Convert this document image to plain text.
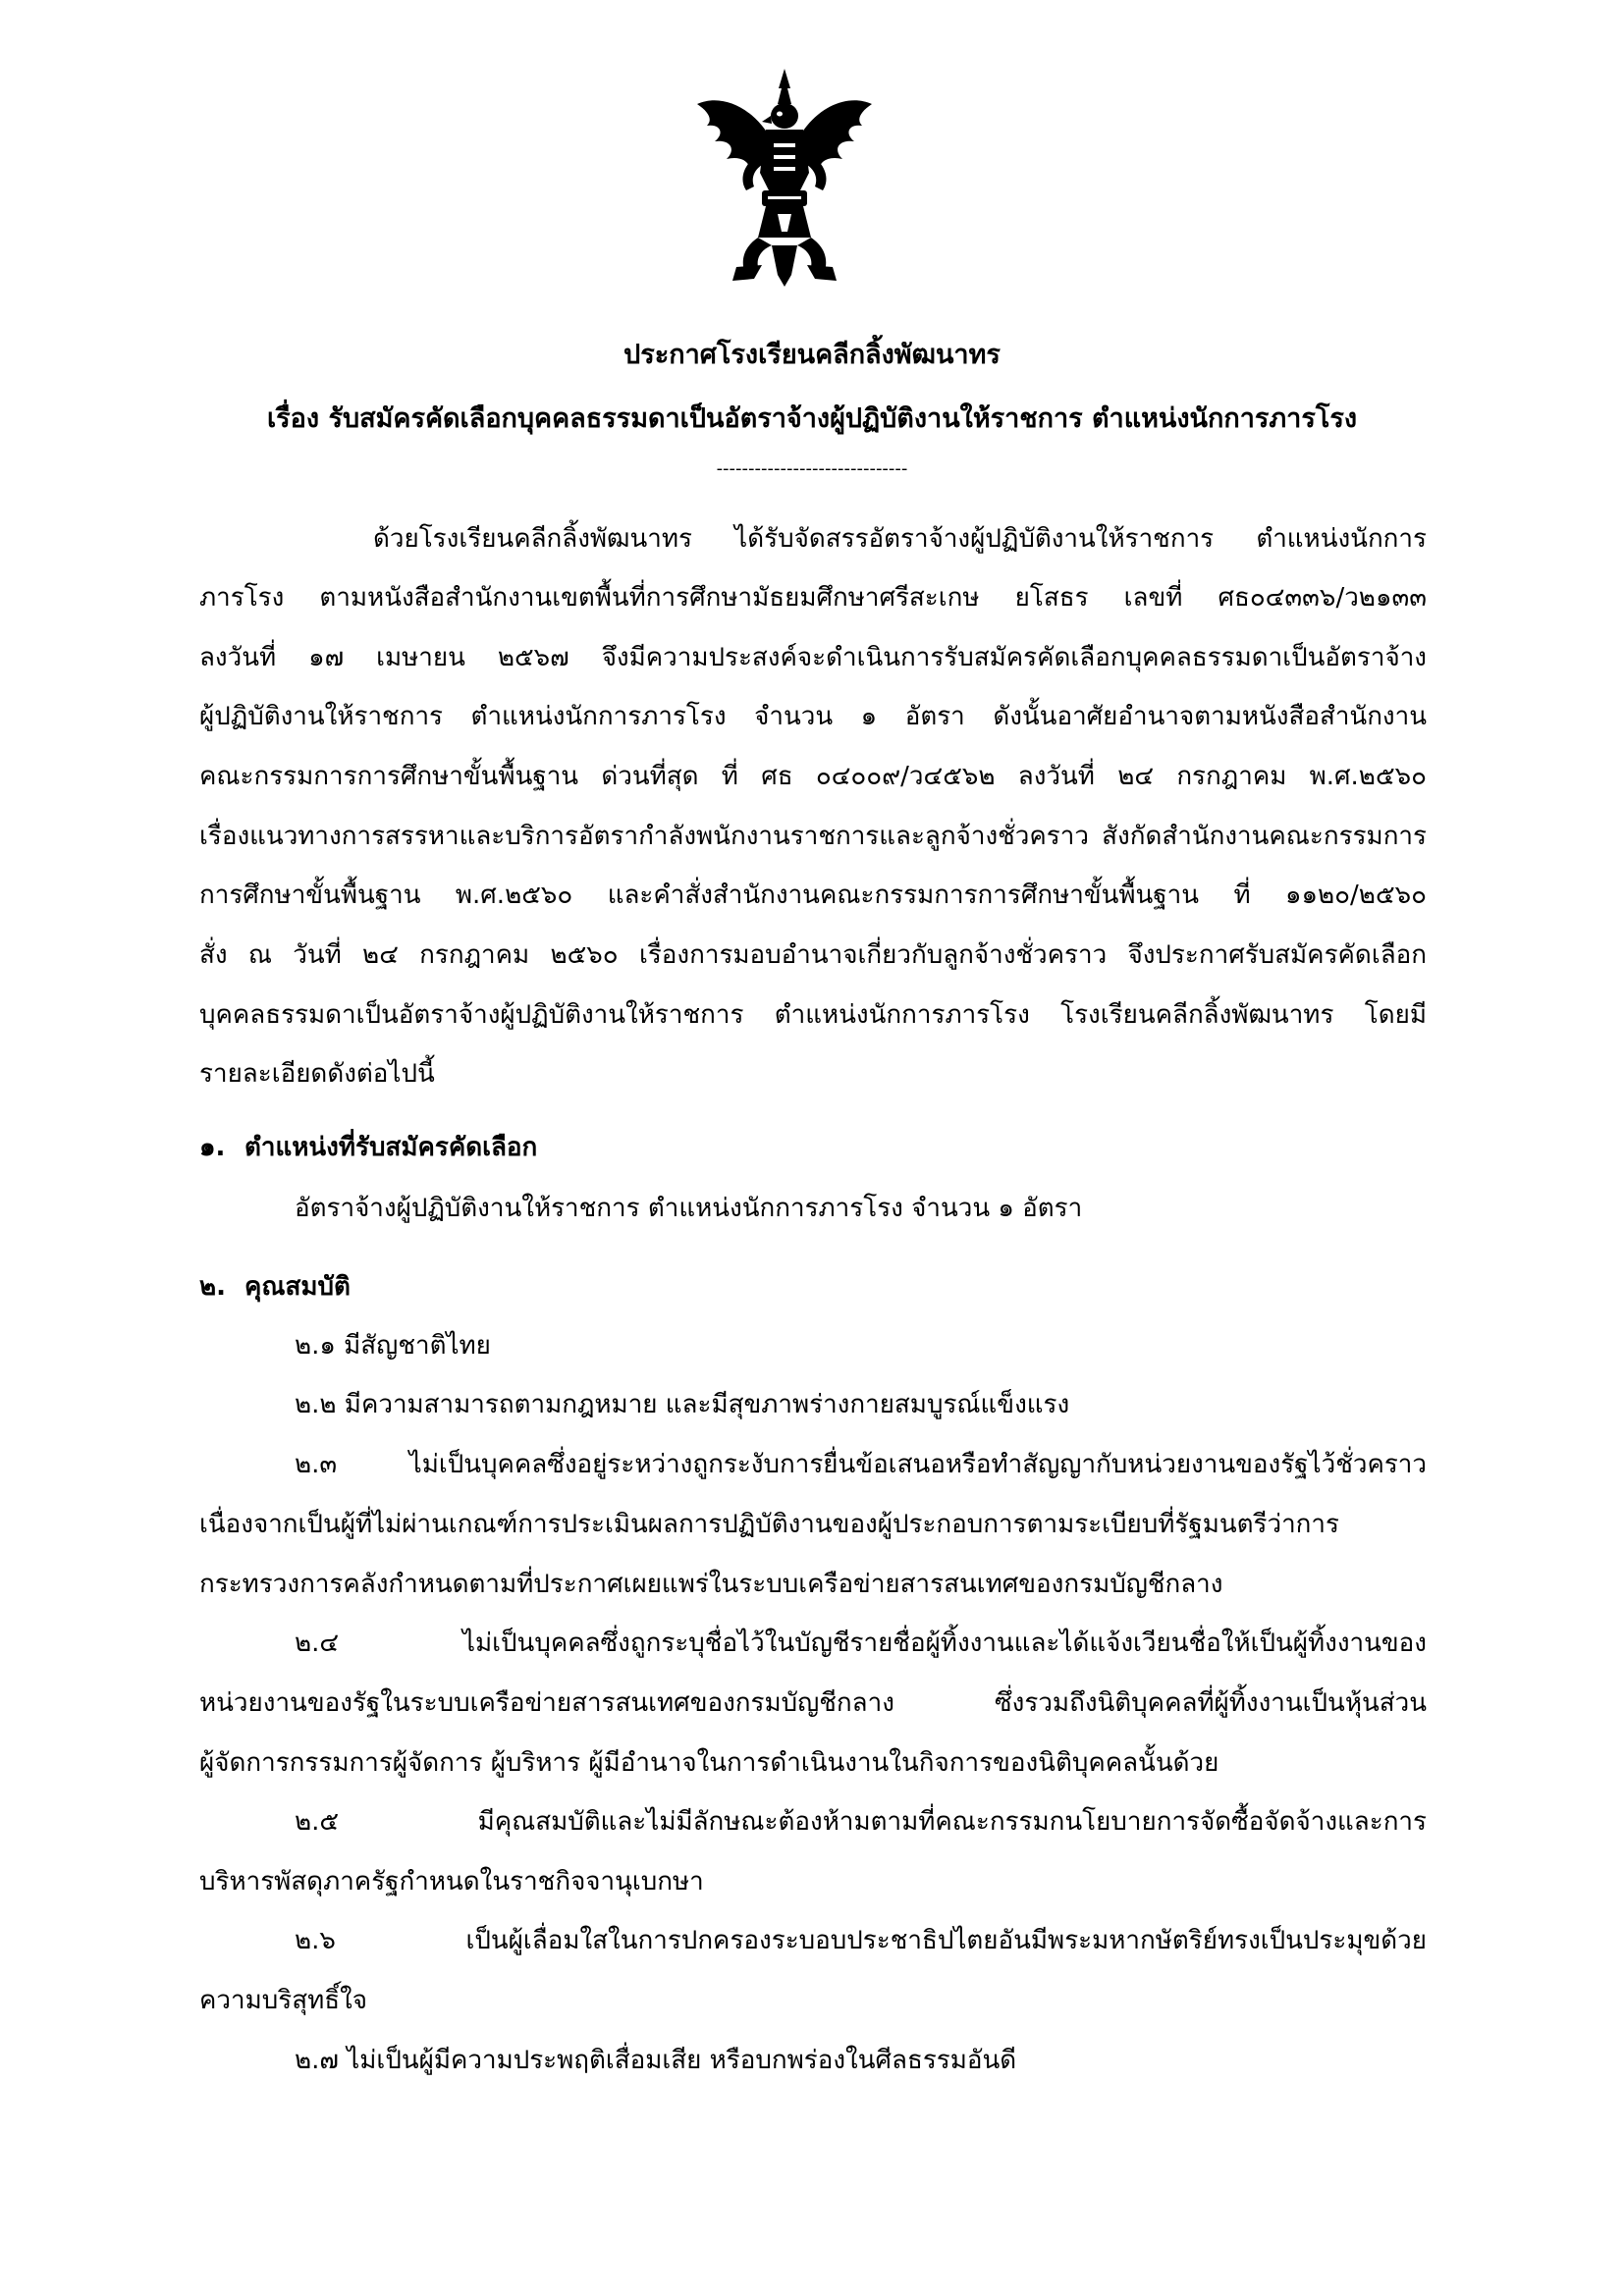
ประกาศโรงเรียนคลีกลิ้งพัฒนาทร
เรื่อง รับสมัครคัดเลือกบุคคลธรรมดาเป็นอัตราจ้างผู้ปฏิบัติงานให้ราชการ ตำแหน่งนักการภารโรง
------------------------------
ด้วยโรงเรียนคลีกลิ้งพัฒนาทร ได้รับจัดสรรอัตราจ้างผู้ปฏิบัติงานให้ราชการ ตำแหน่งนักการ
ภารโรง ตามหนังสือสำนักงานเขตพื้นที่การศึกษามัธยมศึกษาศรีสะเกษ ยโสธร เลขที่ ศธ๐๔๓๓๖/ว๒๑๓๓
ลงวันที่ ๑๗ เมษายน ๒๕๖๗ จึงมีความประสงค์จะดำเนินการรับสมัครคัดเลือกบุคคลธรรมดาเป็นอัตราจ้าง
ผู้ปฏิบัติงานให้ราชการ ตำแหน่งนักการภารโรง จำนวน ๑ อัตรา ดังนั้นอาศัยอำนาจตามหนังสือสำนักงาน
คณะกรรมการการศึกษาขั้นพื้นฐาน ด่วนที่สุด ที่ ศธ ๐๔๐๐๙/ว๔๕๖๒ ลงวันที่ ๒๔ กรกฎาคม พ.ศ.๒๕๖๐
เรื่องแนวทางการสรรหาและบริการอัตรากำลังพนักงานราชการและลูกจ้างชั่วคราว สังกัดสำนักงานคณะกรรมการ
การศึกษาขั้นพื้นฐาน พ.ศ.๒๕๖๐ และคำสั่งสำนักงานคณะกรรมการการศึกษาขั้นพื้นฐาน ที่ ๑๑๒๐/๒๕๖๐
สั่ง ณ วันที่ ๒๔ กรกฎาคม ๒๕๖๐ เรื่องการมอบอำนาจเกี่ยวกับลูกจ้างชั่วคราว จึงประกาศรับสมัครคัดเลือก
บุคคลธรรมดาเป็นอัตราจ้างผู้ปฏิบัติงานให้ราชการ ตำแหน่งนักการภารโรง โรงเรียนคลีกลิ้งพัฒนาทร โดยมี
รายละเอียดดังต่อไปนี้
๑. ตำแหน่งที่รับสมัครคัดเลือก
อัตราจ้างผู้ปฏิบัติงานให้ราชการ ตำแหน่งนักการภารโรง จำนวน ๑ อัตรา
๒. คุณสมบัติ
๒.๑ มีสัญชาติไทย
๒.๒ มีความสามารถตามกฎหมาย และมีสุขภาพร่างกายสมบูรณ์แข็งแรง
๒.๓ ไม่เป็นบุคคลซึ่งอยู่ระหว่างถูกระงับการยื่นข้อเสนอหรือทำสัญญากับหน่วยงานของรัฐไว้ชั่วคราว
เนื่องจากเป็นผู้ที่ไม่ผ่านเกณฑ์การประเมินผลการปฏิบัติงานของผู้ประกอบการตามระเบียบที่รัฐมนตรีว่าการ
กระทรวงการคลังกำหนดตามที่ประกาศเผยแพร่ในระบบเครือข่ายสารสนเทศของกรมบัญชีกลาง
๒.๔ ไม่เป็นบุคคลซึ่งถูกระบุชื่อไว้ในบัญชีรายชื่อผู้ทิ้งงานและได้แจ้งเวียนชื่อให้เป็นผู้ทิ้งงานของ
หน่วยงานของรัฐในระบบเครือข่ายสารสนเทศของกรมบัญชีกลาง ซึ่งรวมถึงนิติบุคคลที่ผู้ทิ้งงานเป็นหุ้นส่วน
ผู้จัดการกรรมการผู้จัดการ ผู้บริหาร ผู้มีอำนาจในการดำเนินงานในกิจการของนิติบุคคลนั้นด้วย
๒.๕ มีคุณสมบัติและไม่มีลักษณะต้องห้ามตามที่คณะกรรมกนโยบายการจัดซื้อจัดจ้างและการ
บริหารพัสดุภาครัฐกำหนดในราชกิจจานุเบกษา
๒.๖ เป็นผู้เลื่อมใสในการปกครองระบอบประชาธิปไตยอันมีพระมหากษัตริย์ทรงเป็นประมุขด้วย
ความบริสุทธิ์ใจ
๒.๗ ไม่เป็นผู้มีความประพฤติเสื่อมเสีย หรือบกพร่องในศีลธรรมอันดี
